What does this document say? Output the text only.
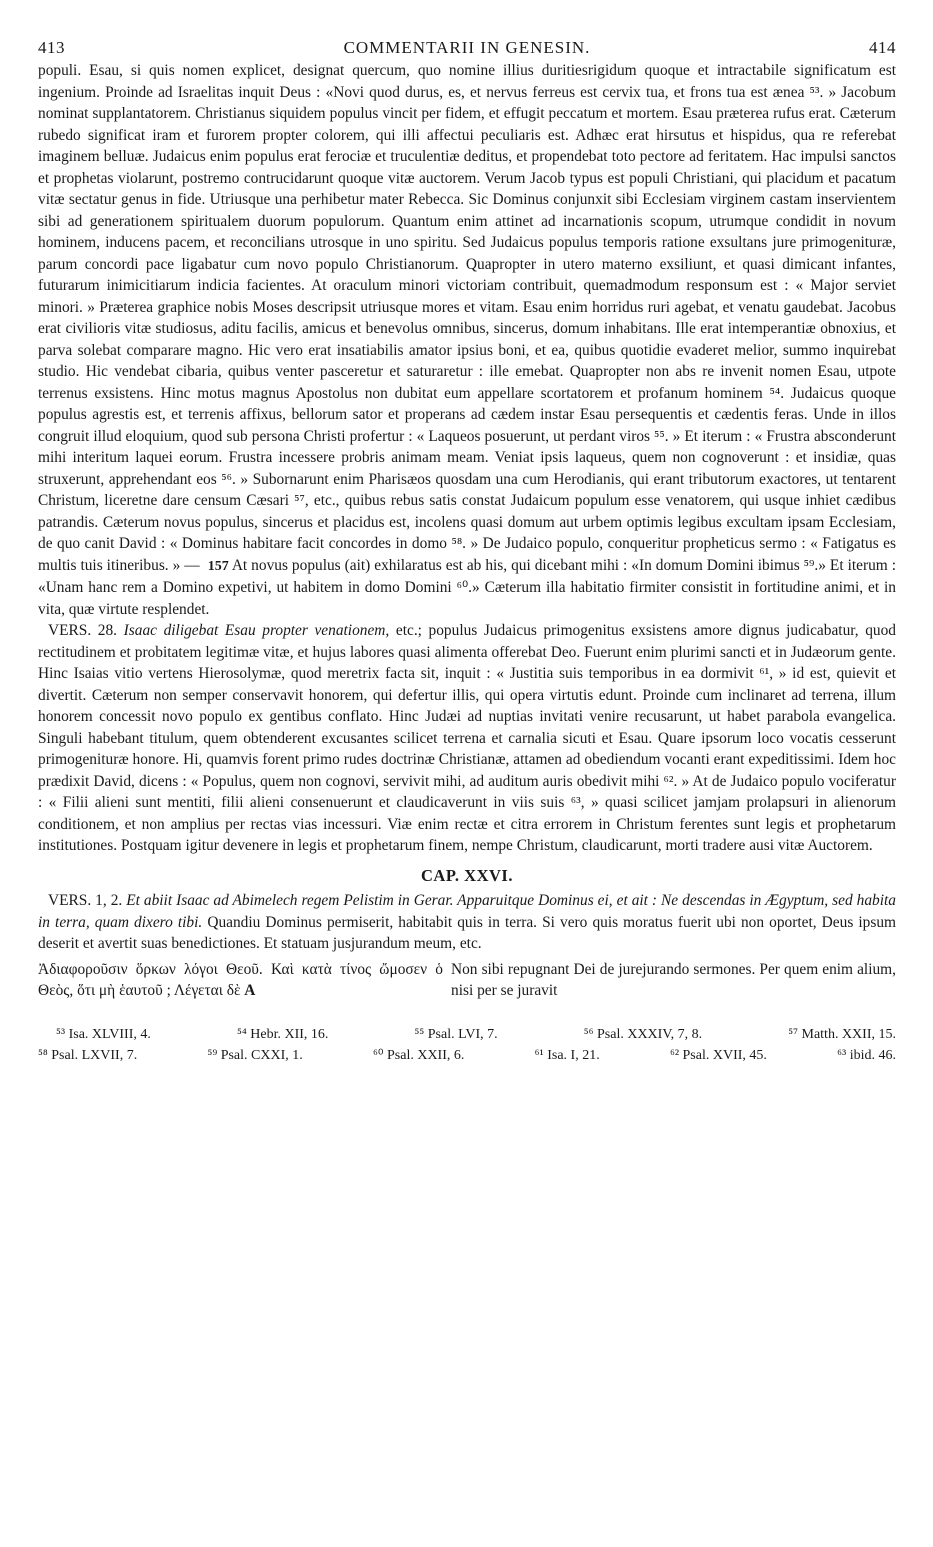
413	COMMENTARII IN GENESIN.	414

populi. Esau, si quis nomen explicet, designat quercum, quo nomine illius duritiesrigidum quoque et intractabile significatum est ingenium. Proinde ad Israelitas inquit Deus : «Novi quod durus, es, et nervus ferreus est cervix tua, et frons tua est ænea ⁵³. » Jacobum nominat supplantatorem. Christianus siquidem populus vincit per fidem, et effugit peccatum et mortem. Esau præterea rufus erat. Cæterum rubedo significat iram et furorem propter colorem, qui illi affectui peculiaris est. Adhæc erat hirsutus et hispidus, qua re referebat imaginem belluæ. Judaicus enim populus erat ferociæ et truculentiæ deditus, et propendebat toto pectore ad feritatem. Hac impulsi sanctos et prophetas violarunt, postremo contrucidarunt quoque vitæ auctorem. Verum Jacob typus est populi Christiani, qui placidum et pacatum vitæ sectatur genus in fide. Utriusque una perhibetur mater Rebecca. Sic Dominus conjunxit sibi Ecclesiam virginem castam inservientem sibi ad generationem spiritualem duorum populorum. Quantum enim attinet ad incarnationis scopum, utrumque condidit in novum hominem, inducens pacem, et reconcilians utrosque in uno spiritu. Sed Judaicus populus temporis ratione exsultans jure primogenituræ, parum concordi pace ligabatur cum novo populo Christianorum. Quapropter in utero materno exsiliunt, et quasi dimicant infantes, futurarum inimicitiarum indicia facientes. At oraculum minori victoriam contribuit, quemadmodum responsum est : « Major serviet minori. » Præterea graphice nobis Moses descripsit utriusque mores et vitam. Esau enim horridus ruri agebat, et venatu gaudebat. Jacobus erat civilioris vitæ studiosus, aditu facilis, amicus et benevolus omnibus, sincerus, domum inhabitans. Ille erat intemperantiæ obnoxius, et parva solebat comparare magno. Hic vero erat insatiabilis amator ipsius boni, et ea, quibus quotidie evaderet melior, summo inquirebat studio. Hic vendebat cibaria, quibus venter pasceretur et saturaretur : ille emebat. Quapropter non abs re invenit nomen Esau, utpote terrenus exsistens. Hinc motus magnus Apostolus non dubitat eum appellare scortatorem et profanum hominem ⁵⁴. Judaicus quoque populus agrestis est, et terrenis affixus, bellorum sator et properans ad cædem instar Esau persequentis et cædentis feras. Unde in illos congruit illud eloquium, quod sub persona Christi profertur : « Laqueos posuerunt, ut perdant viros ⁵⁵. » Et iterum : « Frustra absconderunt mihi interitum laquei eorum. Frustra incessere probris animam meam. Veniat ipsis laqueus, quem non cognoverunt : et insidiæ, quas struxerunt, apprehendant eos ⁵⁶. » Subornarunt enim Pharisæos quosdam una cum Herodianis, qui erant tributorum exactores, ut tentarent Christum, liceretne dare censum Cæsari ⁵⁷, etc., quibus rebus satis constat Judaicum populum esse venatorem, qui usque inhiet cædibus patrandis. Cæterum novus populus, sincerus et placidus est, incolens quasi domum aut urbem optimis legibus excultam ipsam Ecclesiam, de quo canit David : « Dominus habitare facit concordes in domo ⁵⁸. » De Judaico populo, conqueritur propheticus sermo : « Fatigatus es multis tuis itineribus. » — 157 At novus populus (ait) exhilaratus est ab his, qui dicebant mihi : «In domum Domini ibimus ⁵⁹.» Et iterum : «Unam hanc rem a Domino expetivi, ut habitem in domo Domini ⁶⁰.» Cæterum illa habitatio firmiter consistit in fortitudine animi, et in vita, quæ virtute resplendet.

VERS. 28. Isaac diligebat Esau propter venationem, etc.; populus Judaicus primogenitus exsistens amore dignus judicabatur, quod rectitudinem et probitatem legitimæ vitæ, et hujus labores quasi alimenta offerebat Deo. Fuerunt enim plurimi sancti et in Judæorum gente. Hinc Isaias vitio vertens Hierosolymæ, quod meretrix facta sit, inquit : « Justitia suis temporibus in ea dormivit ⁶¹, » id est, quievit et divertit. Cæterum non semper conservavit honorem, qui defertur illis, qui opera virtutis edunt. Proinde cum inclinaret ad terrena, illum honorem concessit novo populo ex gentibus conflato. Hinc Judæi ad nuptias invitati venire recusarunt, ut habet parabola evangelica. Singuli habebant titulum, quem obtenderent excusantes scilicet terrena et carnalia sicuti et Esau. Quare ipsorum loco vocatis cesserunt primogenituræ honore. Hi, quamvis forent primo rudes doctrinæ Christianæ, attamen ad obediendum vocanti erant expeditissimi. Idem hoc prædixit David, dicens : « Populus, quem non cognovi, servivit mihi, ad auditum auris obedivit mihi ⁶². » At de Judaico populo vociferatur : « Filii alieni sunt mentiti, filii alieni consenuerunt et claudicaverunt in viis suis ⁶³, » quasi scilicet jamjam prolapsuri in alienorum conditionem, et non amplius per rectas vias incessuri. Viæ enim rectæ et citra errorem in Christum ferentes sunt legis et prophetarum institutiones. Postquam igitur devenere in legis et prophetarum finem, nempe Christum, claudicarunt, morti tradere ausi vitæ Auctorem.

CAP. XXVI.

VERS. 1, 2. Et abiit Isaac ad Abimelech regem Pelistim in Gerar. Apparuitque Dominus ei, et ait : Ne descendas in Ægyptum, sed habita in terra, quam dixero tibi. Quandiu Dominus permiserit, habitabit quis in terra. Si vero quis moratus fuerit ubi non oportet, Deus ipsum deserit et avertit suas benedictiones. Et statuam jusjurandum meum, etc.

Ἀδιαφοροῦσιν ὅρκων λόγοι Θεοῦ. Καὶ κατὰ τίνος ὤμοσεν ὁ Θεὸς, ὅτι μὴ ἑαυτοῦ ; Λέγεται δὲ A
Non sibi repugnant Dei de jurejurando sermones. Per quem enim alium, nisi per se juravit
⁵³ Isa. XLVIII, 4.	⁵⁴ Hebr. XII, 16.	⁵⁵ Psal. LVI, 7.	⁵⁶ Psal. XXXIV, 7, 8.	⁵⁷ Matth. XXII, 15.
⁵⁸ Psal. LXVII, 7.	⁵⁹ Psal. CXXI, 1.	⁶⁰ Psal. XXII, 6.	⁶¹ Isa. I, 21.	⁶² Psal. XVII, 45.	⁶³ ibid. 46.
